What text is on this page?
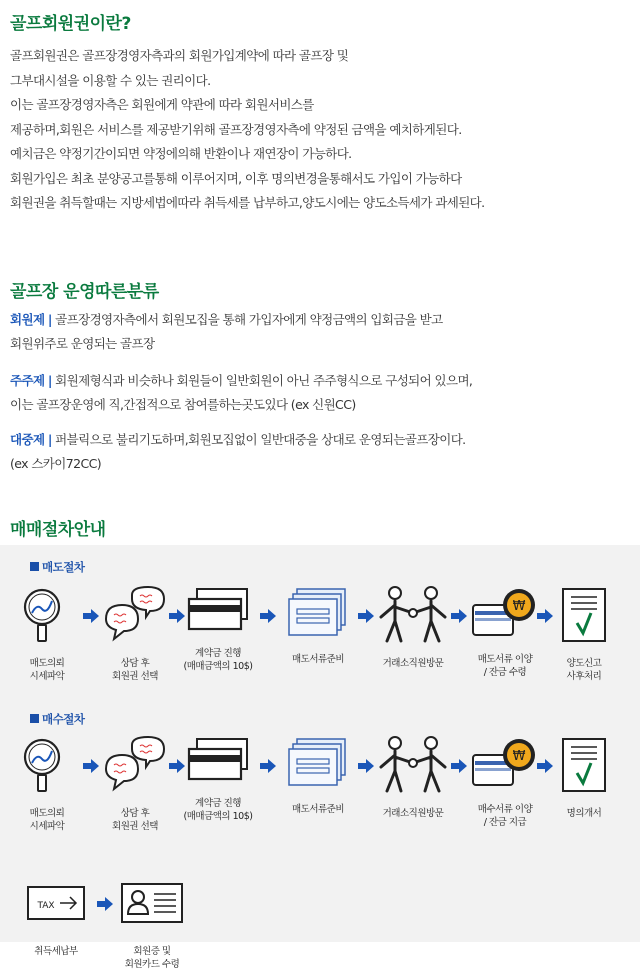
골프회원권이란?

골프회원권은 골프장경영자측과의 회원가입계약에 따라 골프장 및

그부대시설을 이용할 수 있는 권리이다.

이는 골프장경영자측은 회원에게 약관에 따라 회원서비스를

제공하며,회원은 서비스를 제공받기위해 골프장경영자측에 약정된 금액을 예치하게된다.

예치금은 약정기간이되면 약정에의해 반환이나 재연장이 가능하다.

회원가입은 최초 분양공고를통해 이루어지며, 이후 명의변경을통해서도 가입이 가능하다

회원권을 취득할때는 지방세법에따라 취득세를 납부하고,양도시에는 양도소득세가 과세된다.

골프장 운영따른분류

회원제 | 골프장경영자측에서 회원모집을 통해 가입자에게 약정금액의 입회금을 받고

회원위주로 운영되는 골프장

주주제 | 회원제형식과 비슷하나 회원들이 일반회원이 아닌 주주형식으로 구성되어 있으며,

이는 골프장운영에 직,간접적으로 참여를하는곳도있다 (ex 신원CC)

대중제 | 퍼블릭으로 불리기도하며,회원모집없이 일반대중을 상대로 운영되는골프장이다.

(ex 스카이72CC)

매매절차안내
매도절차
매도의뢰
시세파악
상담 후
회원권 선택
계약금 진행
(매매금액의 10$)
매도서류준비	거래소직원방문
₩
매도서류 이양
/ 잔금 수령
양도신고
사후처리
매수절차
매도의뢰
시세파악
상담 후
회원권 선택
계약금 진행
(매매금액의 10$)
매도서류준비	거래소직원방문
₩
매수서류 이양
/ 잔금 지급
명의개서
TAX
취득세납부	회원증 및
회원카드 수령
